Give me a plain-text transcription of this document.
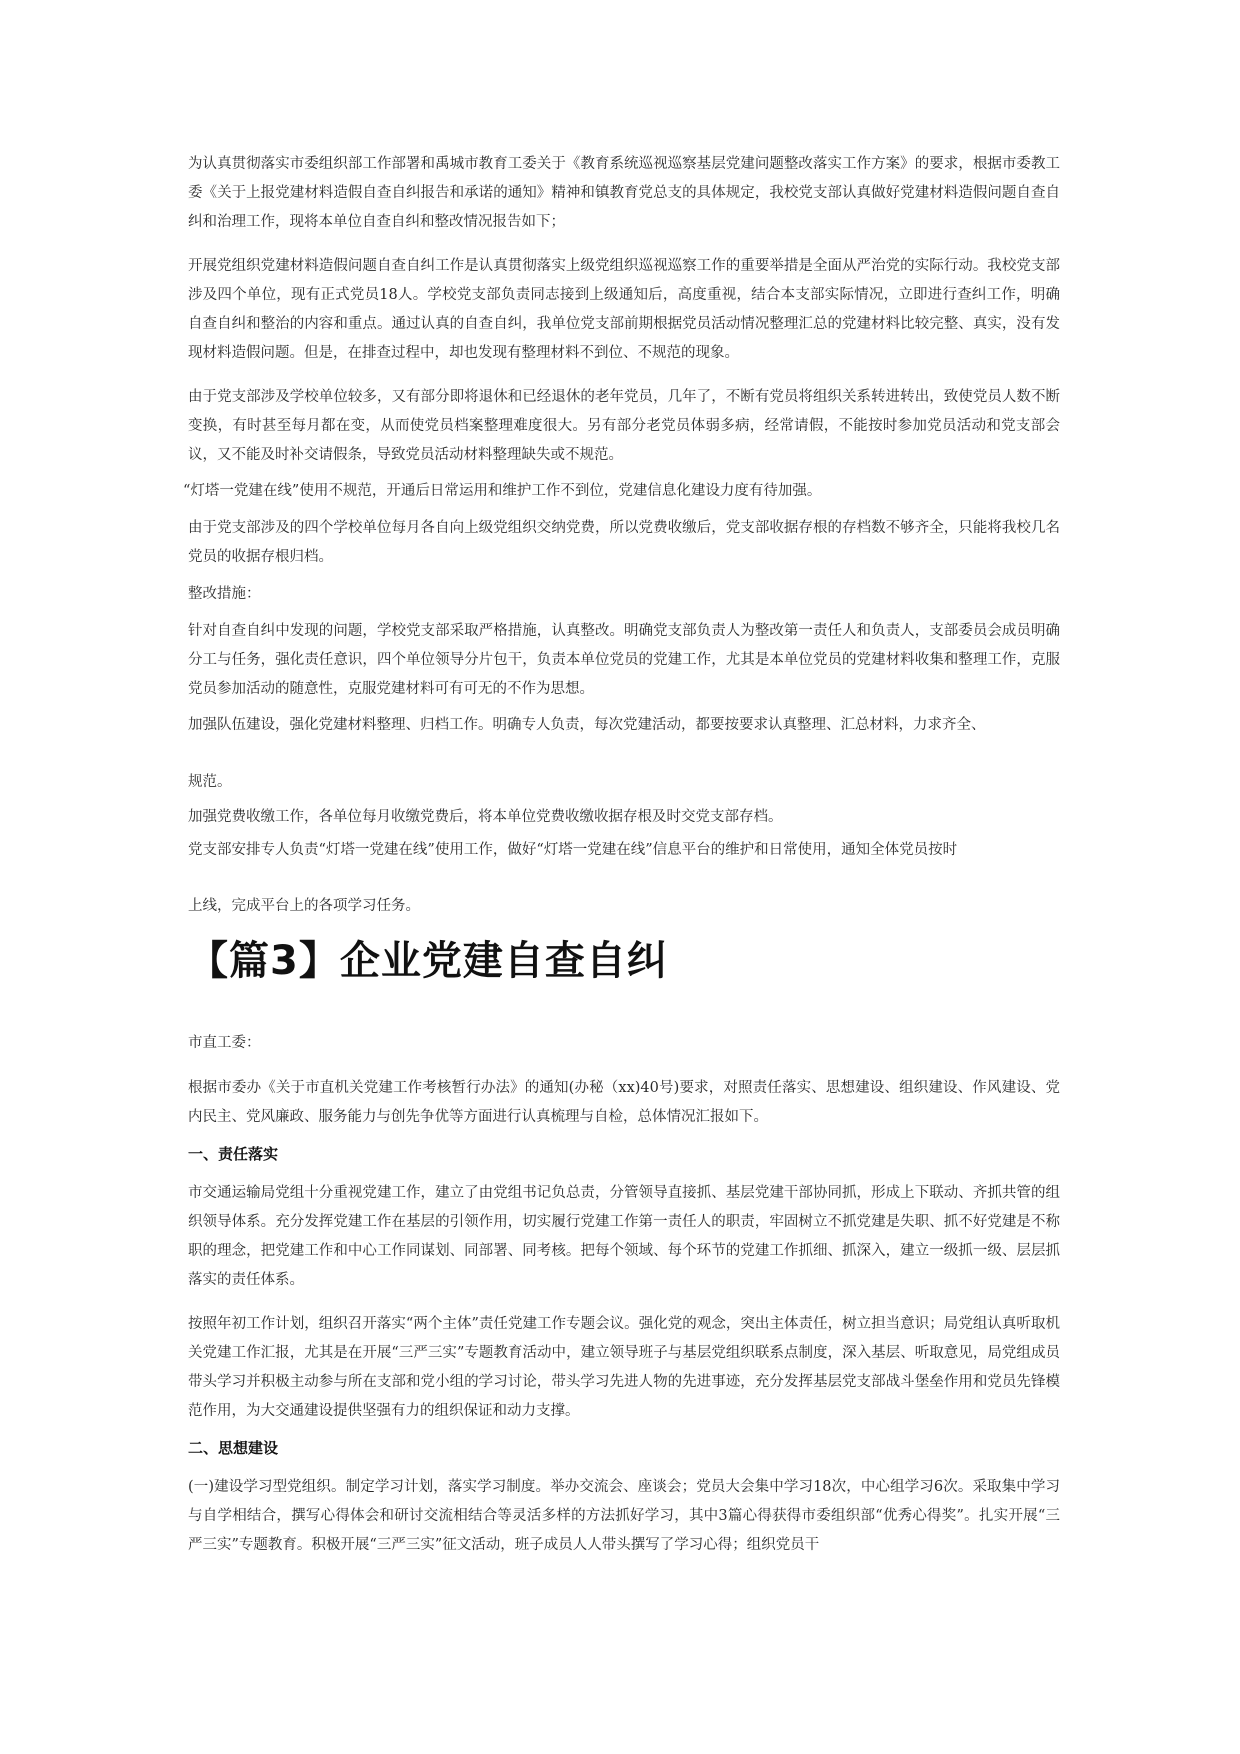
为认真贯彻落实市委组织部工作部署和禹城市教育工委关于《教育系统巡视巡察基层党建问题整改落实工作方案》的要求，根据市委教工委《关于上报党建材料造假自查自纠报告和承诺的通知》精神和镇教育党总支的具体规定，我校党支部认真做好党建材料造假问题自查自纠和治理工作，现将本单位自查自纠和整改情况报告如下；

开展党组织党建材料造假问题自查自纠工作是认真贯彻落实上级党组织巡视巡察工作的重要举措是全面从严治党的实际行动。我校党支部涉及四个单位，现有正式党员18人。学校党支部负责同志接到上级通知后，高度重视，结合本支部实际情况，立即进行查纠工作，明确自查自纠和整治的内容和重点。通过认真的自查自纠，我单位党支部前期根据党员活动情况整理汇总的党建材料比较完整、真实，没有发现材料造假问题。但是，在排查过程中，却也发现有整理材料不到位、不规范的现象。

由于党支部涉及学校单位较多，又有部分即将退休和已经退休的老年党员，几年了，不断有党员将组织关系转进转出，致使党员人数不断变换，有时甚至每月都在变，从而使党员档案整理难度很大。另有部分老党员体弱多病，经常请假，不能按时参加党员活动和党支部会议，又不能及时补交请假条，导致党员活动材料整理缺失或不规范。

“灯塔一党建在线”使用不规范，开通后日常运用和维护工作不到位，党建信息化建设力度有待加强。

由于党支部涉及的四个学校单位每月各自向上级党组织交纳党费，所以党费收缴后，党支部收据存根的存档数不够齐全，只能将我校几名党员的收据存根归档。

整改措施：

针对自查自纠中发现的问题，学校党支部采取严格措施，认真整改。明确党支部负责人为整改第一责任人和负责人，支部委员会成员明确分工与任务，强化责任意识，四个单位领导分片包干，负责本单位党员的党建工作，尤其是本单位党员的党建材料收集和整理工作，克服党员参加活动的随意性，克服党建材料可有可无的不作为思想。

加强队伍建设，强化党建材料整理、归档工作。明确专人负责，每次党建活动，都要按要求认真整理、汇总材料，力求齐全、

规范。

加强党费收缴工作，各单位每月收缴党费后，将本单位党费收缴收据存根及时交党支部存档。

党支部安排专人负责“灯塔一党建在线”使用工作，做好“灯塔一党建在线”信息平台的维护和日常使用，通知全体党员按时

上线，完成平台上的各项学习任务。

【篇3】企业党建自查自纠

市直工委：

根据市委办《关于市直机关党建工作考核暂行办法》的通知(办秘（xx)40号)要求，对照责任落实、思想建设、组织建设、作风建设、党内民主、党风廉政、服务能力与创先争优等方面进行认真梳理与自检，总体情况汇报如下。

一、责任落实

市交通运输局党组十分重视党建工作，建立了由党组书记负总责，分管领导直接抓、基层党建干部协同抓，形成上下联动、齐抓共管的组织领导体系。充分发挥党建工作在基层的引领作用，切实履行党建工作第一责任人的职责，牢固树立不抓党建是失职、抓不好党建是不称职的理念，把党建工作和中心工作同谋划、同部署、同考核。把每个领域、每个环节的党建工作抓细、抓深入，建立一级抓一级、层层抓落实的责任体系。

按照年初工作计划，组织召开落实“两个主体”责任党建工作专题会议。强化党的观念，突出主体责任，树立担当意识；局党组认真听取机关党建工作汇报，尤其是在开展“三严三实”专题教育活动中，建立领导班子与基层党组织联系点制度，深入基层、听取意见，局党组成员带头学习并积极主动参与所在支部和党小组的学习讨论，带头学习先进人物的先进事迹，充分发挥基层党支部战斗堡垒作用和党员先锋模范作用，为大交通建设提供坚强有力的组织保证和动力支撑。

二、思想建设

(一)建设学习型党组织。制定学习计划，落实学习制度。举办交流会、座谈会；党员大会集中学习18次，中心组学习6次。采取集中学习与自学相结合，撰写心得体会和研讨交流相结合等灵活多样的方法抓好学习，其中3篇心得获得市委组织部“优秀心得奖”。扎实开展“三严三实”专题教育。积极开展“三严三实”征文活动，班子成员人人带头撰写了学习心得；组织党员干
